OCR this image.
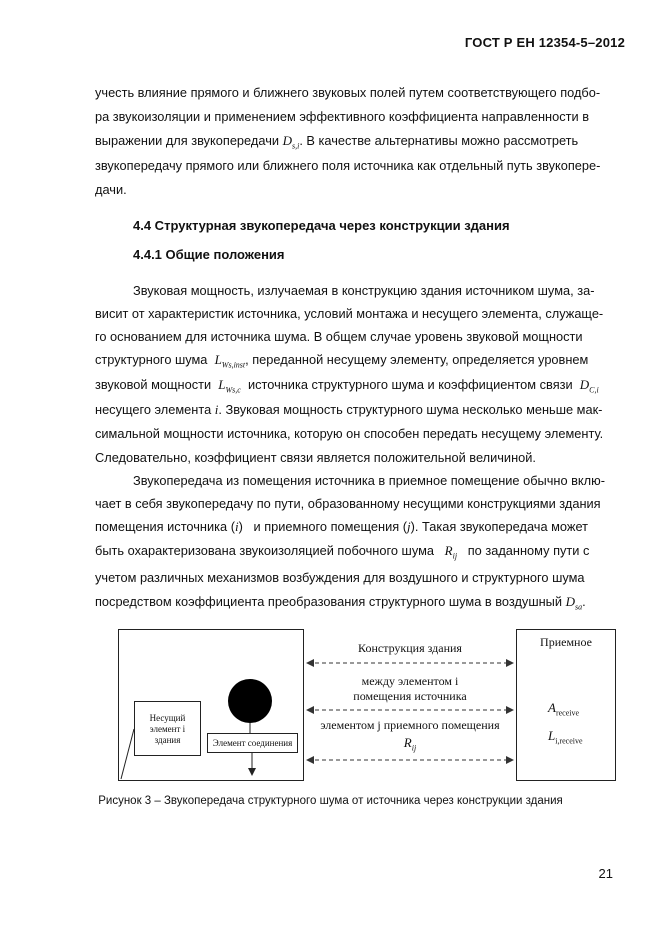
ГОСТ Р ЕН 12354-5–2012
учесть влияние прямого и ближнего звуковых полей путем соответствующего подбо-
ра звукоизоляции и применением эффективного коэффициента направленности в
выражении для звукопередачи $D_{s,i}$. В качестве альтернативы можно рассмотреть
звукопередачу прямого или ближнего поля источника как отдельный путь звукопере-
дачи.
4.4 Структурная звукопередача через конструкции здания
4.4.1 Общие положения
Звуковая мощность, излучаемая в конструкцию здания источником шума, за-
висит от характеристик источника, условий монтажа и несущего элемента, служаще-
го основанием для источника шума. В общем случае уровень звуковой мощности
структурного шума $L_{Ws,inst}$, переданной несущему элементу, определяется уровнем
звуковой мощности $L_{Ws,c}$ источника структурного шума и коэффициентом связи $D_{C,i}$
несущего элемента i. Звуковая мощность структурного шума несколько меньше мак-
симальной мощности источника, которую он способен передать несущему элементу.
Следовательно, коэффициент связи является положительной величиной.
Звукопередача из помещения источника в приемное помещение обычно вклю-
чает в себя звукопередачу по пути, образованному несущими конструкциями здания
помещения источника (i)   и приемного помещения (j). Такая звукопередача может
быть охарактеризована звукоизоляцией побочного шума $R_{ij}$ по заданному пути с
учетом различных механизмов возбуждения для воздушного и структурного шума
посредством коэффициента преобразования структурного шума в воздушный $D_{sa}$.
Несущий элемент i здания	Элемент соединения
Конструкция здания
между элементом i
помещения источника
элементом j приемного помещения
$R_{ij}$
Приемное
$A_{receive}$
$L_{i,receive}$
Рисунок 3 – Звукопередача структурного шума от источника через конструкции здания
21
